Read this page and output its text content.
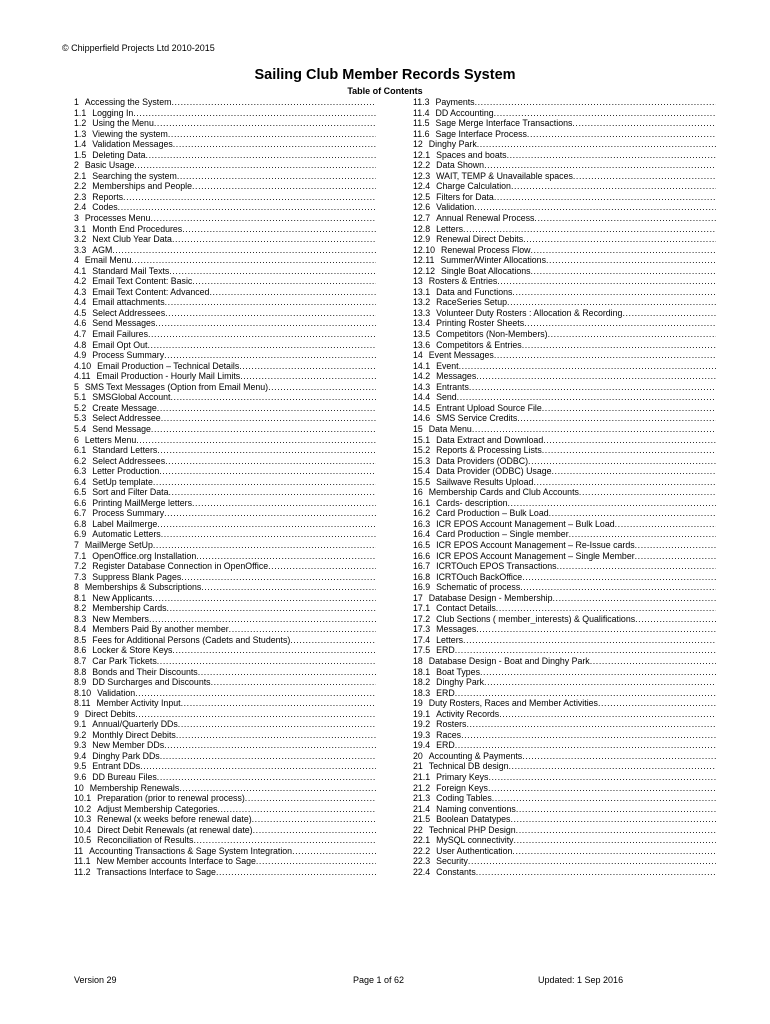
© Chipperfield Projects Ltd 2010-2015
Sailing Club Member Records System
Table of Contents
1 Accessing the System
.....
1.1 Logging In
.....
1.2 Using the Menu
.....
1.3 Viewing the system
.....
1.4 Validation Messages
.....
1.5 Deleting Data
.....
2 Basic Usage
.....
2.1 Searching the system
.....
2.2 Memberships and People
.....
2.3 Reports
.....
2.4 Codes
.....
3 Processes Menu
.....
3.1 Month End Procedures
.....
3.2 Next Club Year Data
.....
3.3 AGM
.....
4 Email Menu
.....
4.1 Standard Mail Texts
.....
4.2 Email Text Content: Basic
.....
4.3 Email Text Content: Advanced
.....
4.4 Email attachments
.....
4.5 Select Addressees
.....
4.6 Send Messages
.....
4.7 Email Failures
.....
4.8 Email Opt Out
.....
4.9 Process Summary
.....
4.10 Email Production – Technical Details
.....
4.11 Email Production - Hourly Mail Limits
.....
5 SMS Text Messages (Option from Email Menu)
.....
5.1 SMSGlobal Account
.....
5.2 Create Message
.....
5.3 Select Addressee
.....
5.4 Send Message
.....
6 Letters Menu
.....
6.1 Standard Letters
.....
6.2 Select Addressees
.....
6.3 Letter Production
.....
6.4 SetUp template
.....
6.5 Sort and Filter Data
.....
6.6 Printing MailMerge letters
.....
6.7 Process Summary
.....
6.8 Label Mailmerge
.....
6.9 Automatic Letters
.....
7 MailMerge SetUp
.....
7.1 OpenOffice.org Installation
.....
7.2 Register Database Connection in OpenOffice
.....
7.3 Suppress Blank Pages
.....
8 Memberships & Subscriptions
.....
8.1 New Applicants
.....
8.2 Membership Cards
.....
8.3 New Members
.....
8.4 Members Paid By another member
.....
8.5 Fees for Additional Persons (Cadets and Students)
.....
8.6 Locker & Store Keys
.....
8.7 Car Park Tickets
.....
8.8 Bonds and Their Discounts
.....
8.9 DD Surcharges and Discounts
.....
8.10 Validation
.....
8.11 Member Activity Input
.....
9 Direct Debits
.....
9.1 Annual/Quarterly DDs
.....
9.2 Monthly Direct Debits
.....
9.3 New Member DDs
.....
9.4 Dinghy Park DDs
.....
9.5 Entrant DDs
.....
9.6 DD Bureau Files
.....
10 Membership Renewals
.....
10.1 Preparation (prior to renewal process)
.....
10.2 Adjust Membership Categories
.....
10.3 Renewal (x weeks before renewal date)
.....
10.4 Direct Debit Renewals (at renewal date)
.....
10.5 Reconciliation of Results
.....
11 Accounting Transactions & Sage System Integration
.....
11.1 New Member accounts Interface to Sage
.....
11.2 Transactions Interface to Sage
.....
11.3 Payments
.....
11.4 DD Accounting
.....
11.5 Sage Merge Interface Transactions
.....
11.6 Sage Interface Process
.....
12 Dinghy Park
.....
12.1 Spaces and boats
.....
12.2 Data Shown
.....
12.3 WAIT, TEMP & Unavailable spaces
.....
12.4 Charge Calculation
.....
12.5 Filters for Data
.....
12.6 Validation
.....
12.7 Annual Renewal Process
.....
12.8 Letters
.....
12.9 Renewal Direct Debits
.....
12.10 Renewal Process Flow
.....
12.11 Summer/Winter Allocations
.....
12.12 Single Boat Allocations
.....
13 Rosters & Entries
.....
13.1 Data and Functions
.....
13.2 RaceSeries Setup
.....
13.3 Volunteer Duty Rosters : Allocation & Recording
.....
13.4 Printing Roster Sheets
.....
13.5 Competitors (Non-Members)
.....
13.6 Competitors & Entries
.....
14 Event Messages
.....
14.1 Event
.....
14.2 Messages
.....
14.3 Entrants
.....
14.4 Send
.....
14.5 Entrant Upload Source File
.....
14.6 SMS Service Credits
.....
15 Data Menu
.....
15.1 Data Extract and Download
.....
15.2 Reports & Processing Lists
.....
15.3 Data Providers (ODBC)
.....
15.4 Data Provider (ODBC) Usage
.....
15.5 Sailwave Results Upload
.....
16 Membership Cards and Club Accounts
.....
16.1 Cards- description
.....
16.2 Card Production – Bulk Load
.....
16.3 ICR EPOS Account Management – Bulk Load
.....
16.4 Card Production – Single member
.....
16.5 ICR EPOS Account Management – Re-Issue cards
.....
16.6 ICR EPOS Account Management – Single Member
.....
16.7 ICRTOuch EPOS Transactions
.....
16.8 ICRTOuch BackOffice
.....
16.9 Schematic of process
.....
17 Database Design - Membership
.....
17.1 Contact Details
.....
17.2 Club Sections ( member_interests) & Qualifications
.....
17.3 Messages
.....
17.4 Letters
.....
17.5 ERD
.....
18 Database Design - Boat and Dinghy Park
.....
18.1 Boat Types
.....
18.2 Dinghy Park
.....
18.3 ERD
.....
19 Duty Rosters, Races and Member Activities
.....
19.1 Activity Records
.....
19.2 Rosters
.....
19.3 Races
.....
19.4 ERD
.....
20 Accounting & Payments
.....
21 Technical DB design
.....
21.1 Primary Keys
.....
21.2 Foreign Keys
.....
21.3 Coding Tables
.....
21.4 Naming conventions
.....
21.5 Boolean Datatypes
.....
22 Technical PHP Design
.....
22.1 MySQL connectivity
.....
22.2 User Authentication
.....
22.3 Security
.....
22.4 Constants
.....
Version 29	Page 1 of 62	Updated: 1 Sep 2016
